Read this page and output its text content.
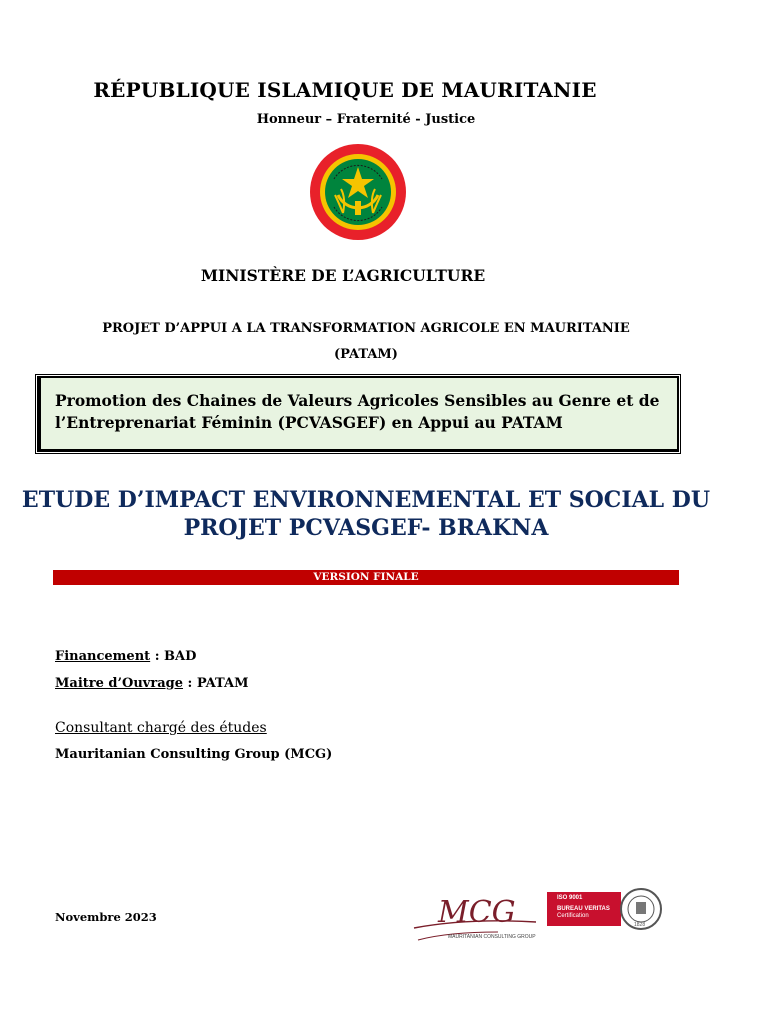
RÉPUBLIQUE ISLAMIQUE DE MAURITANIE
Honneur – Fraternité - Justice
MINISTÈRE DE L’AGRICULTURE
PROJET D’APPUI A LA TRANSFORMATION AGRICOLE EN MAURITANIE
(PATAM)
Promotion des Chaines de Valeurs Agricoles Sensibles au Genre et de l’Entreprenariat Féminin (PCVASGEF) en Appui au PATAM
ETUDE D’IMPACT ENVIRONNEMENTAL ET SOCIAL DU PROJET PCVASGEF- BRAKNA
VERSION FINALE
Financement : BAD
Maitre d’Ouvrage : PATAM
Consultant chargé des études
Mauritanian Consulting Group (MCG)
Novembre 2023	MCG
MAURITANIAN CONSULTING GROUP
ISO 9001
BUREAU VERITAS
Certification
1828
